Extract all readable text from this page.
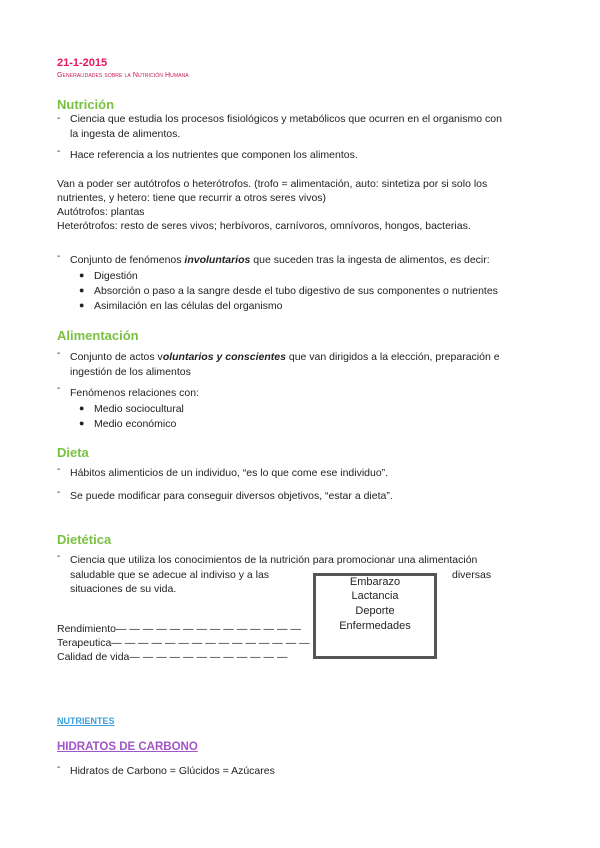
21-1-2015
Generalidades sobre la Nutrición Humana
Nutrición
- Ciencia que estudia los procesos fisiológicos y metabólicos que ocurren en el organismo con
la ingesta de alimentos.
- Hace referencia a los nutrientes que componen los alimentos.
Van a poder ser autótrofos o heterótrofos. (trofo = alimentación, auto: sintetiza por si solo los
nutrientes, y hetero: tiene que recurrir a otros seres vivos)
Autótrofos: plantas
Heterótrofos: resto de seres vivos; herbívoros, carnívoros, omnívoros, hongos, bacterias.
- Conjunto de fenómenos involuntarios que suceden tras la ingesta de alimentos, es decir:
● Digestión
● Absorción o paso a la sangre desde el tubo digestivo de sus componentes o nutrientes
● Asimilación en las células del organismo
Alimentación
- Conjunto de actos voluntarios y conscientes que van dirigidos a la elección, preparación e
ingestión de los alimentos
- Fenómenos relaciones con:
● Medio sociocultural
● Medio económico
Dieta
- Hábitos alimenticios de un individuo, “es lo que come ese individuo”.
- Se puede modificar para conseguir diversos objetivos, “estar a dieta”.
Dietética
- Ciencia que utiliza los conocimientos de la nutrición para promocionar una alimentación
saludable que se adecue al indiviso y a las	diversas
situaciones de su vida.
Embarazo
Lactancia
Deporte
Enfermedades
Rendimiento— — — — — — — — — — — — — —
Terapeutica— — — — — — — — — — — — — — —
Calidad de vida— — — — — — — — — — — —
NUTRIENTES
HIDRATOS DE CARBONO
- Hidratos de Carbono = Glúcidos = Azúcares
